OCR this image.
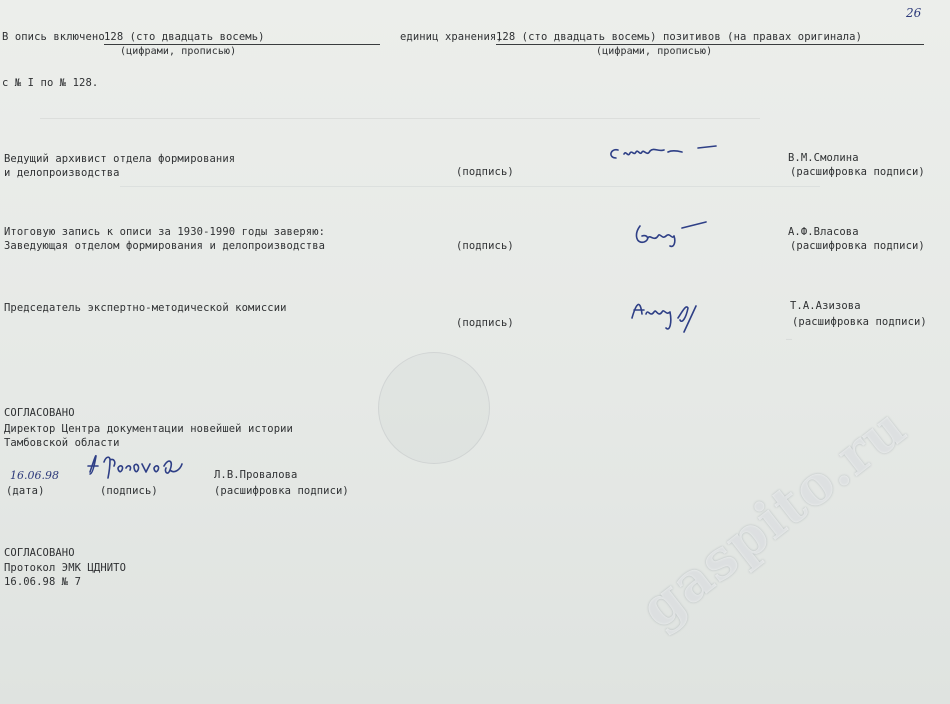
26
В опись включено 128 (сто двадцать восемь)	единиц хранения,
128 (сто двадцать восемь) позитивов (на правах оригинала)
(цифрами, прописью)	(цифрами, прописью)
с № I по № 128.
Ведущий архивист отдела формирования
и делопроизводства	(подпись)
В.М.Смолина
(расшифровка подписи)
Итоговую запись к описи за 1930-1990 годы заверяю:
Заведующая отделом формирования и делопроизводства	(подпись)
А.Ф.Власова
(расшифровка подписи)
Председатель экспертно-методической комиссии
(подпись)
Т.А.Азизова
(расшифровка подписи)
—
СОГЛАСОВАНО
Директор Центра документации новейшей истории
Тамбовской области
16.06.98	Л.В.Провалова
(дата)	(подпись)	(расшифровка подписи)
СОГЛАСОВАНО
Протокол ЭМК ЦДНИТО
16.06.98 № 7	gaspito.ru
